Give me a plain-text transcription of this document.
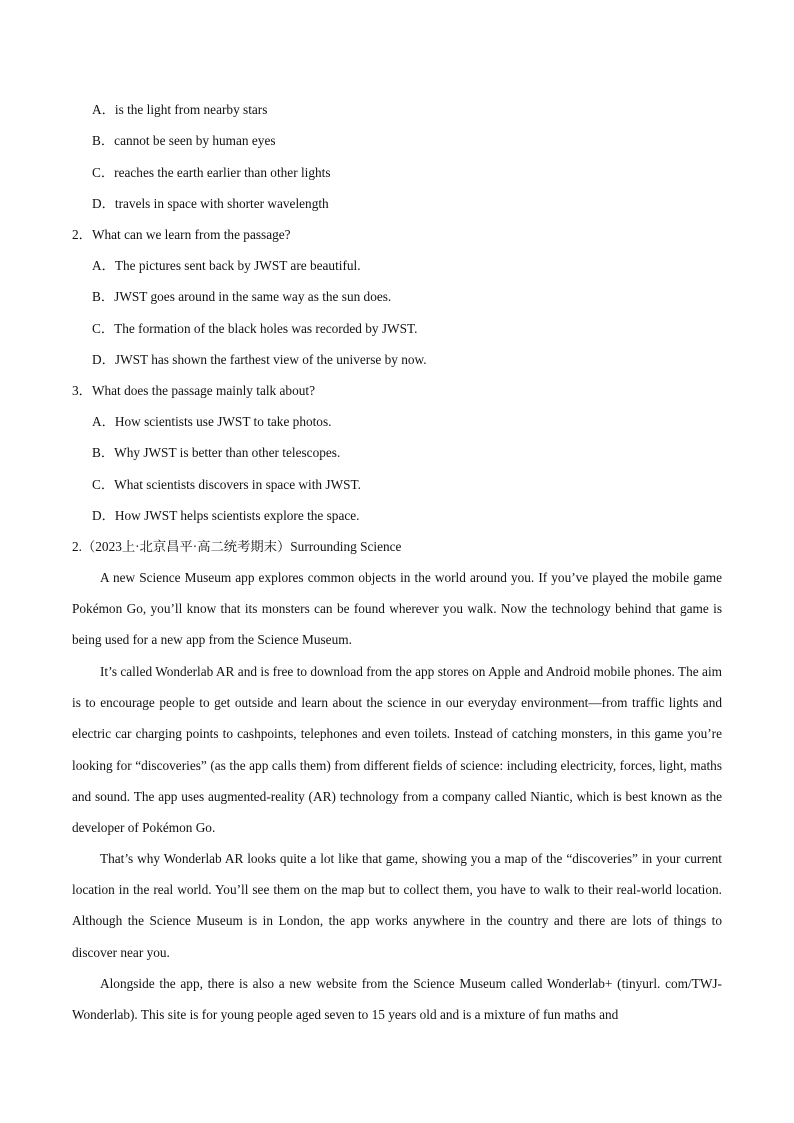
A．is the light from nearby stars
B．cannot be seen by human eyes
C．reaches the earth earlier than other lights
D．travels in space with shorter wavelength
2．What can we learn from the passage?
A．The pictures sent back by JWST are beautiful.
B．JWST goes around in the same way as the sun does.
C．The formation of the black holes was recorded by JWST.
D．JWST has shown the farthest view of the universe by now.
3．What does the passage mainly talk about?
A．How scientists use JWST to take photos.
B．Why JWST is better than other telescopes.
C．What scientists discovers in space with JWST.
D．How JWST helps scientists explore the space.
2.（2023上·北京昌平·高二统考期末）Surrounding Science
A new Science Museum app explores common objects in the world around you. If you’ve played the mobile game Pokémon Go, you’ll know that its monsters can be found wherever you walk. Now the technology behind that game is being used for a new app from the Science Museum.
It’s called Wonderlab AR and is free to download from the app stores on Apple and Android mobile phones. The aim is to encourage people to get outside and learn about the science in our everyday environment—from traffic lights and electric car charging points to cashpoints, telephones and even toilets. Instead of catching monsters, in this game you’re looking for “discoveries” (as the app calls them) from different fields of science: including electricity, forces, light, maths and sound. The app uses augmented-reality (AR) technology from a company called Niantic, which is best known as the developer of Pokémon Go.
That’s why Wonderlab AR looks quite a lot like that game, showing you a map of the “discoveries” in your current location in the real world. You’ll see them on the map but to collect them, you have to walk to their real-world location. Although the Science Museum is in London, the app works anywhere in the country and there are lots of things to discover near you.
Alongside the app, there is also a new website from the Science Museum called Wonderlab+ (tinyurl. com/TWJ-Wonderlab). This site is for young people aged seven to 15 years old and is a mixture of fun maths and
